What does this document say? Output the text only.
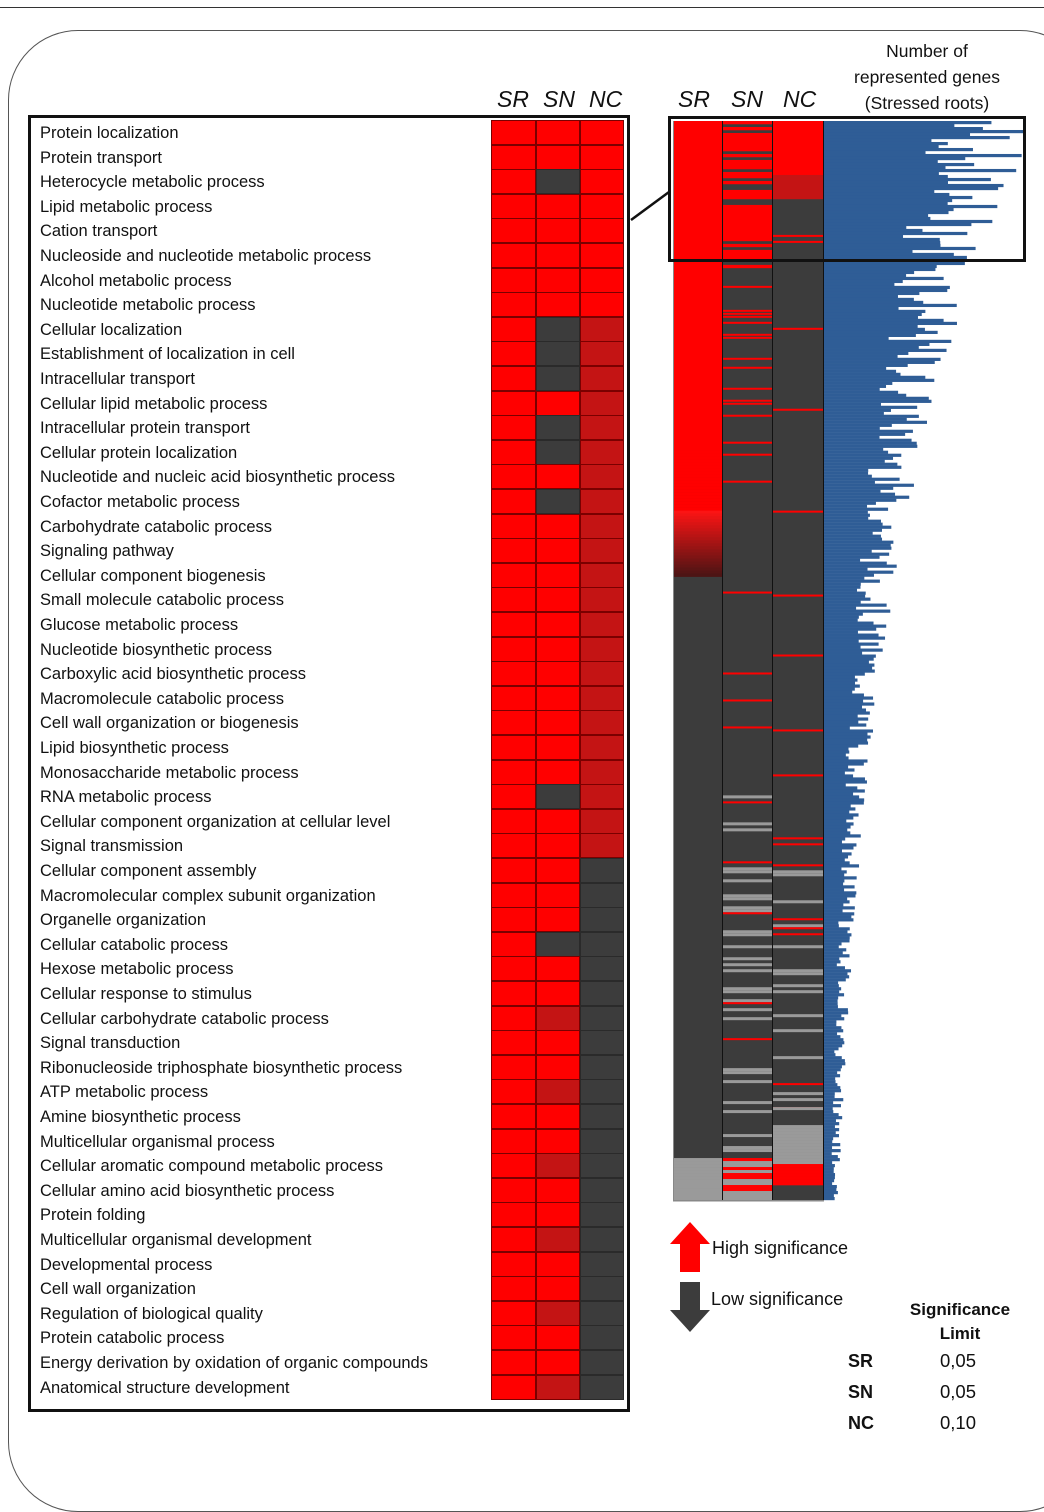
SR SN NC SR SN NC
Number of represented genes (Stressed roots)
Protein localization
Protein transport
Heterocycle metabolic process
Lipid metabolic process
Cation transport
Nucleoside and nucleotide metabolic process
Alcohol metabolic process
Nucleotide metabolic process
Cellular localization
Establishment of localization in cell
Intracellular transport
Cellular lipid metabolic process
Intracellular protein transport
Cellular protein localization
Nucleotide and nucleic acid biosynthetic process
Cofactor metabolic process
Carbohydrate catabolic process
Signaling pathway
Cellular component biogenesis
Small molecule catabolic process
Glucose metabolic process
Nucleotide biosynthetic process
Carboxylic acid biosynthetic process
Macromolecule catabolic process
Cell wall organization or biogenesis
Lipid biosynthetic process
Monosaccharide metabolic process
RNA metabolic process
Cellular component organization at cellular level
Signal transmission
Cellular component assembly
Macromolecular complex subunit organization
Organelle organization
Cellular catabolic process
Hexose metabolic process
Cellular response to stimulus
Cellular carbohydrate catabolic process
Signal transduction
Ribonucleoside triphosphate biosynthetic process
ATP metabolic process
Amine biosynthetic process
Multicellular organismal process
Cellular aromatic compound metabolic process
Cellular amino acid biosynthetic process
Protein folding
Multicellular organismal development
Developmental process
Cell wall organization
Regulation of biological quality
Protein catabolic process
Energy derivation by oxidation of organic compounds
Anatomical structure development
High significance
Low significance
Significance Limit
SR	0,05
SN	0,05
NC	0,10
